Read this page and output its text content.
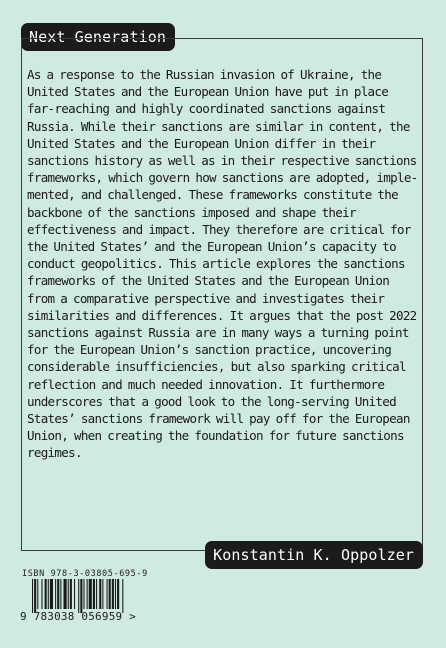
Next Generation

As a response to the Russian invasion of Ukraine, the United States and the European Union have put in place far-reaching and highly coordinated sanctions against Russia. While their sanctions are similar in content, the United States and the European Union differ in their sanctions history as well as in their respective sanctions frameworks, which govern how sanctions are adopted, implemented, and challenged. These frameworks constitute the backbone of the sanctions imposed and shape their effectiveness and impact. They therefore are critical for the United States’ and the European Union’s capacity to conduct geopolitics. This article explores the sanctions frameworks of the United States and the European Union from a comparative perspective and investigates their similarities and differences. It argues that the post 2022 sanctions against Russia are in many ways a turning point for the European Union’s sanction practice, uncovering considerable insufficiencies, but also sparking critical reflection and much needed innovation. It furthermore underscores that a good look to the long-serving United States’ sanctions framework will pay off for the European Union, when creating the foundation for future sanctions regimes.

Konstantin K. Oppolzer
ISBN 978-3-03805-695-9
9 783038 056959 >
